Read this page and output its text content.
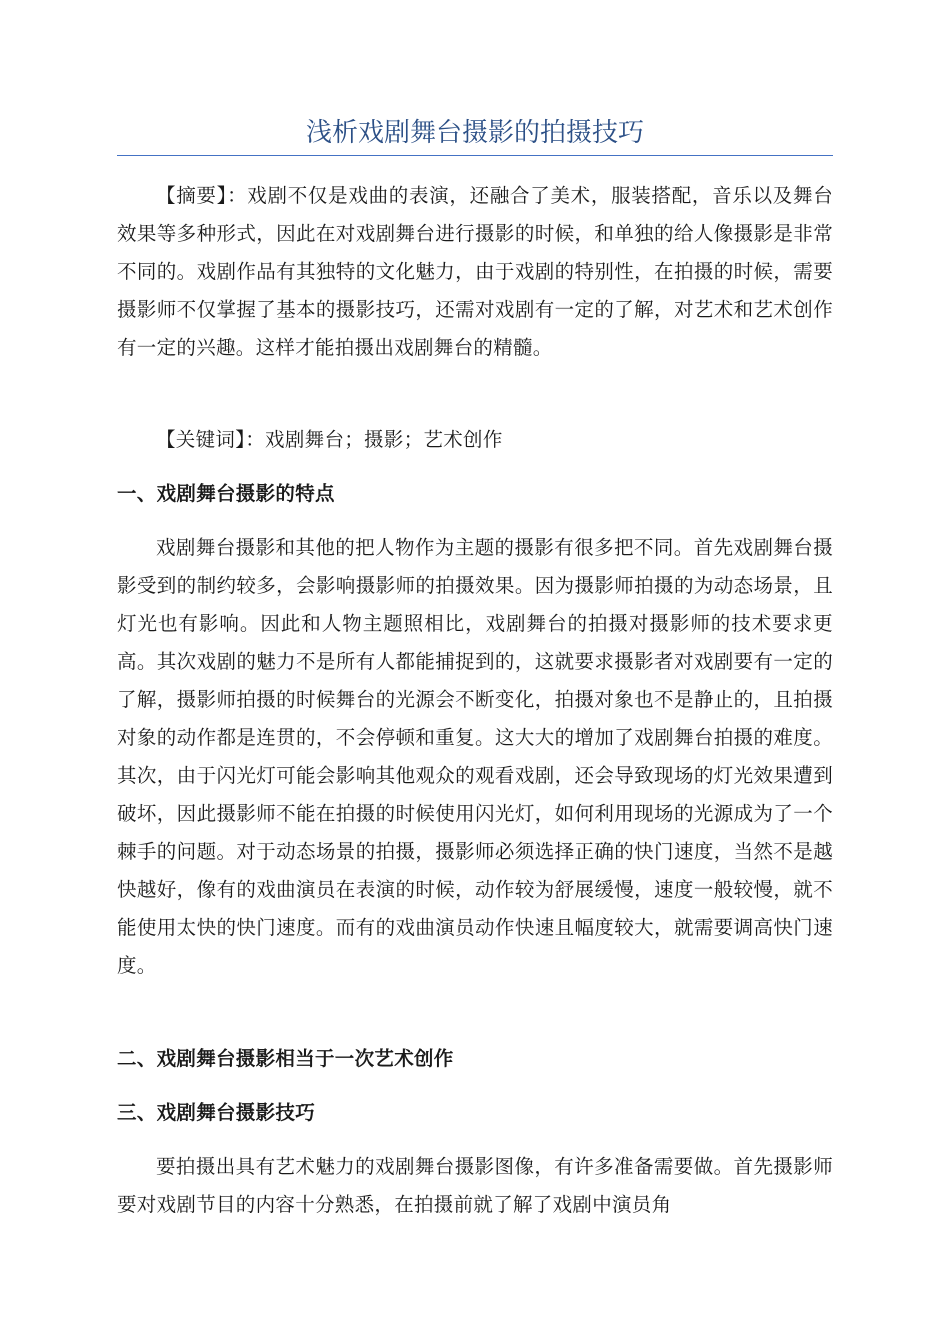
浅析戏剧舞台摄影的拍摄技巧

【摘要】：戏剧不仅是戏曲的表演，还融合了美术，服装搭配，音乐以及舞台效果等多种形式，因此在对戏剧舞台进行摄影的时候，和单独的给人像摄影是非常不同的。戏剧作品有其独特的文化魅力，由于戏剧的特别性，在拍摄的时候，需要摄影师不仅掌握了基本的摄影技巧，还需对戏剧有一定的了解，对艺术和艺术创作有一定的兴趣。这样才能拍摄出戏剧舞台的精髓。

【关键词】：戏剧舞台；摄影；艺术创作

一、戏剧舞台摄影的特点

戏剧舞台摄影和其他的把人物作为主题的摄影有很多把不同。首先戏剧舞台摄影受到的制约较多，会影响摄影师的拍摄效果。因为摄影师拍摄的为动态场景，且灯光也有影响。因此和人物主题照相比，戏剧舞台的拍摄对摄影师的技术要求更高。其次戏剧的魅力不是所有人都能捕捉到的，这就要求摄影者对戏剧要有一定的了解，摄影师拍摄的时候舞台的光源会不断变化，拍摄对象也不是静止的，且拍摄对象的动作都是连贯的，不会停顿和重复。这大大的增加了戏剧舞台拍摄的难度。其次，由于闪光灯可能会影响其他观众的观看戏剧，还会导致现场的灯光效果遭到破坏，因此摄影师不能在拍摄的时候使用闪光灯，如何利用现场的光源成为了一个棘手的问题。对于动态场景的拍摄，摄影师必须选择正确的快门速度，当然不是越快越好，像有的戏曲演员在表演的时候，动作较为舒展缓慢，速度一般较慢，就不能使用太快的快门速度。而有的戏曲演员动作快速且幅度较大，就需要调高快门速度。

二、戏剧舞台摄影相当于一次艺术创作
三、戏剧舞台摄影技巧

要拍摄出具有艺术魅力的戏剧舞台摄影图像，有许多准备需要做。首先摄影师要对戏剧节目的内容十分熟悉，在拍摄前就了解了戏剧中演员角
